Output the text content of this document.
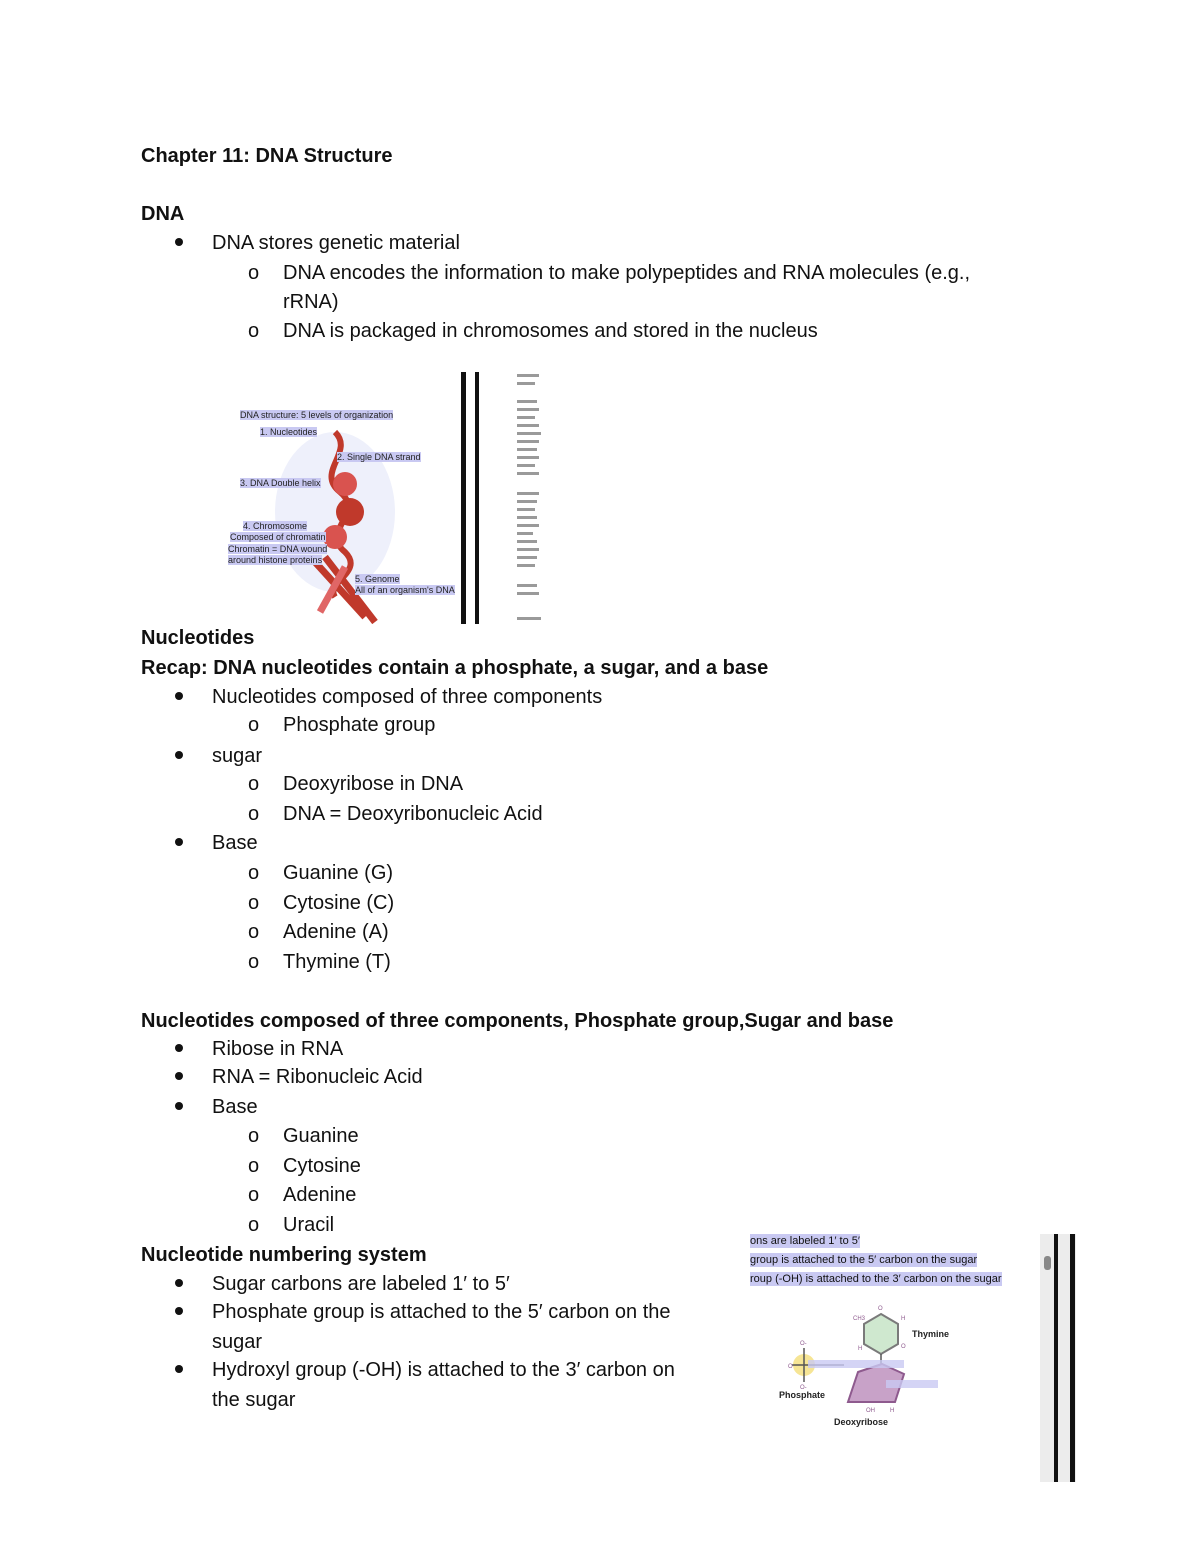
Chapter 11: DNA Structure
DNA
DNA stores genetic material
o DNA encodes the information to make polypeptides and RNA molecules (e.g.,
rRNA)
o DNA is packaged in chromosomes and stored in the nucleus
DNA structure: 5 levels of organization
1. Nucleotides
2. Single DNA strand
3. DNA Double helix
4. Chromosome
Composed of chromatin
Chromatin = DNA wound
around histone proteins
5. Genome
All of an organism's DNA
Nucleotides
Recap: DNA nucleotides contain a phosphate, a sugar, and a base
Nucleotides composed of three components
o Phosphate group
sugar
o Deoxyribose in DNA
o DNA = Deoxyribonucleic Acid
Base
o Guanine (G)
o Cytosine (C)
o Adenine (A)
o Thymine (T)
Nucleotides composed of three components, Phosphate group,Sugar and base
Ribose in RNA
RNA = Ribonucleic Acid
Base
o Guanine
o Cytosine
o Adenine
o Uracil
Nucleotide numbering system
Sugar carbons are labeled 1′ to 5′
Phosphate group is attached to the 5′ carbon on the
sugar
Hydroxyl group (-OH) is attached to the 3′ carbon on
the sugar
ons are labeled 1′ to 5′
group is attached to the 5′ carbon on the sugar
roup (-OH) is attached to the 3′ carbon on the sugar
O
H
CH3
O
H
O-
O
O-
OH	H
Thymine
Phosphate
Deoxyribose
